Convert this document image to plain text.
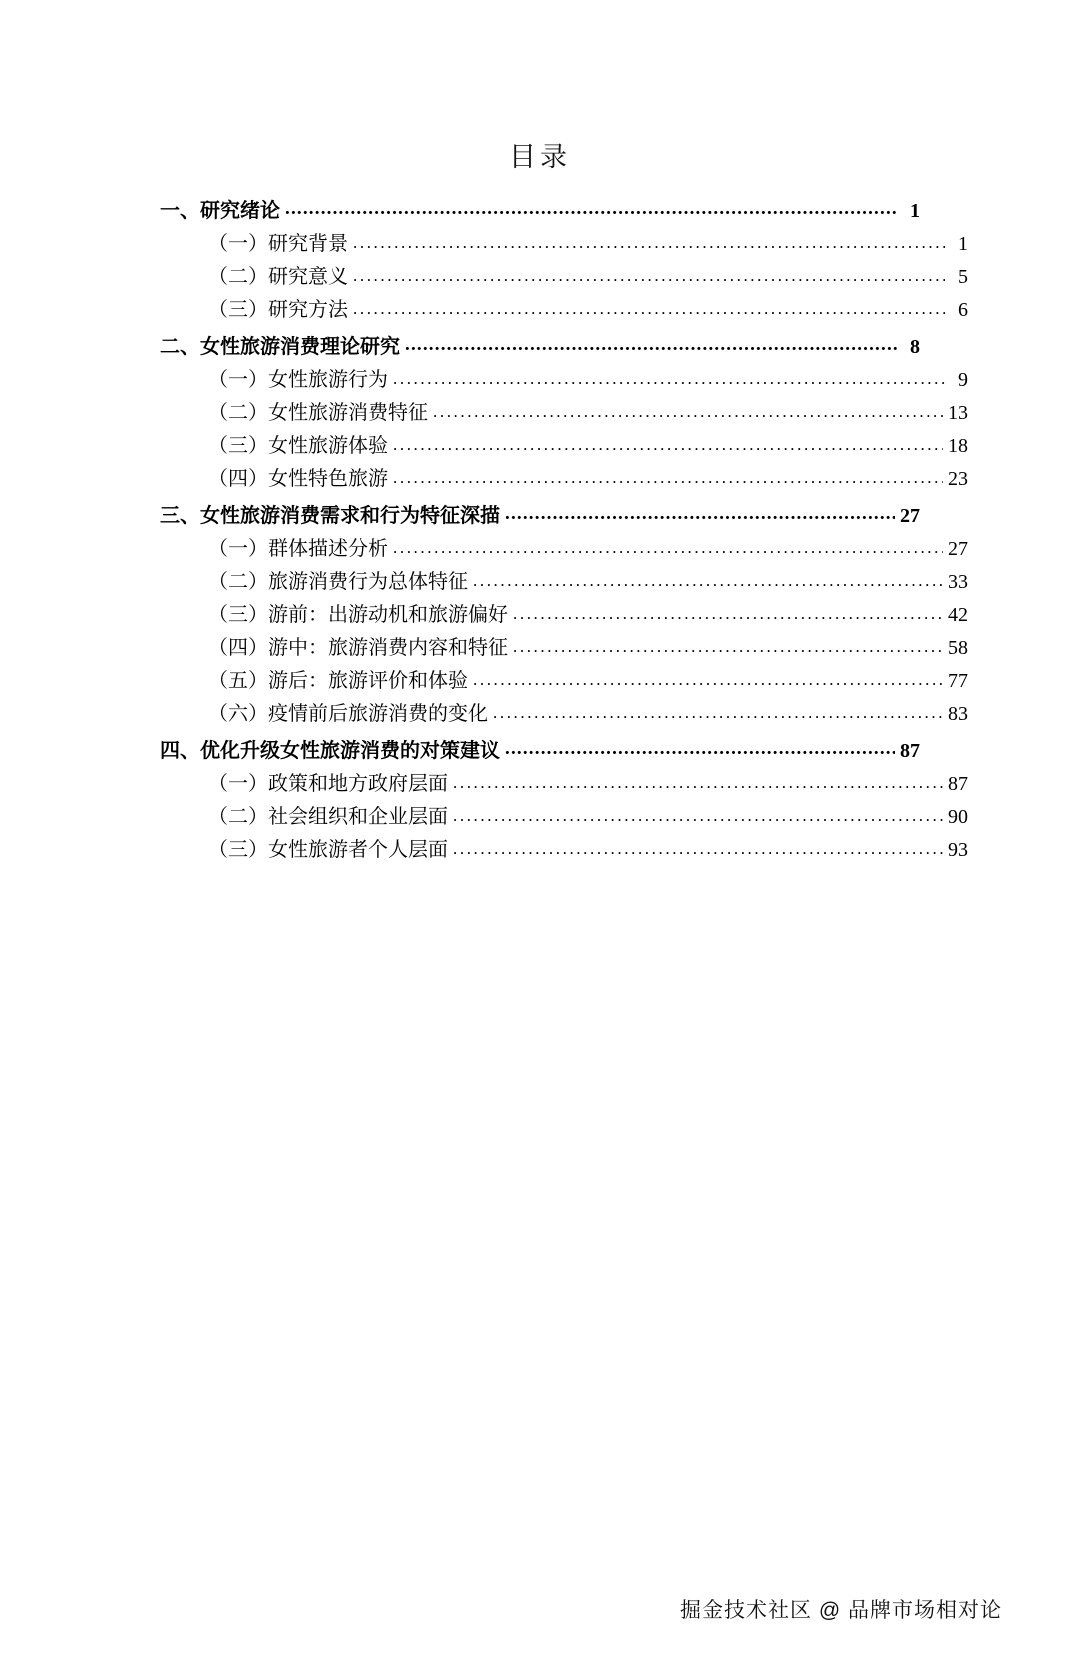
目录
一、研究绪论 .....	1
（一）研究背景 .....	1
（二）研究意义 .....	5
（三）研究方法 .....	6
二、女性旅游消费理论研究 .....	8
（一）女性旅游行为 .....	9
（二）女性旅游消费特征 .....	13
（三）女性旅游体验 .....	18
（四）女性特色旅游 .....	23
三、女性旅游消费需求和行为特征深描 .....	27
（一）群体描述分析 .....	27
（二）旅游消费行为总体特征 .....	33
（三）游前：出游动机和旅游偏好 .....	42
（四）游中：旅游消费内容和特征 .....	58
（五）游后：旅游评价和体验 .....	77
（六）疫情前后旅游消费的变化 .....	83
四、优化升级女性旅游消费的对策建议 .....	87
（一）政策和地方政府层面 .....	87
（二）社会组织和企业层面 .....	90
（三）女性旅游者个人层面 .....	93
掘金技术社区 @ 品牌市场相对论
